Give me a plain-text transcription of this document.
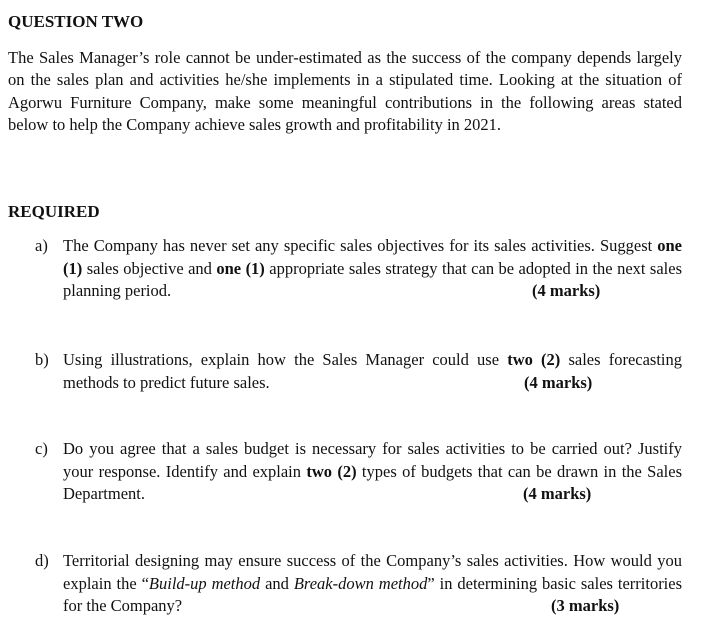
QUESTION TWO

The Sales Manager’s role cannot be under-estimated as the success of the company depends largely on the sales plan and activities he/she implements in a stipulated time. Looking at the situation of Agorwu Furniture Company, make some meaningful contributions in the following areas stated below to help the Company achieve sales growth and profitability in 2021.

REQUIRED
a) The Company has never set any specific sales objectives for its sales activities. Suggest one (1) sales objective and one (1) appropriate sales strategy that can be adopted in the next sales planning period.	(4 marks)
b) Using illustrations, explain how the Sales Manager could use two (2) sales forecasting methods to predict future sales.	(4 marks)
c) Do you agree that a sales budget is necessary for sales activities to be carried out? Justify your response. Identify and explain two (2) types of budgets that can be drawn in the Sales Department.	(4 marks)
d) Territorial designing may ensure success of the Company’s sales activities. How would you explain the “Build-up method and Break-down method” in determining basic sales territories for the Company?	(3 marks)
